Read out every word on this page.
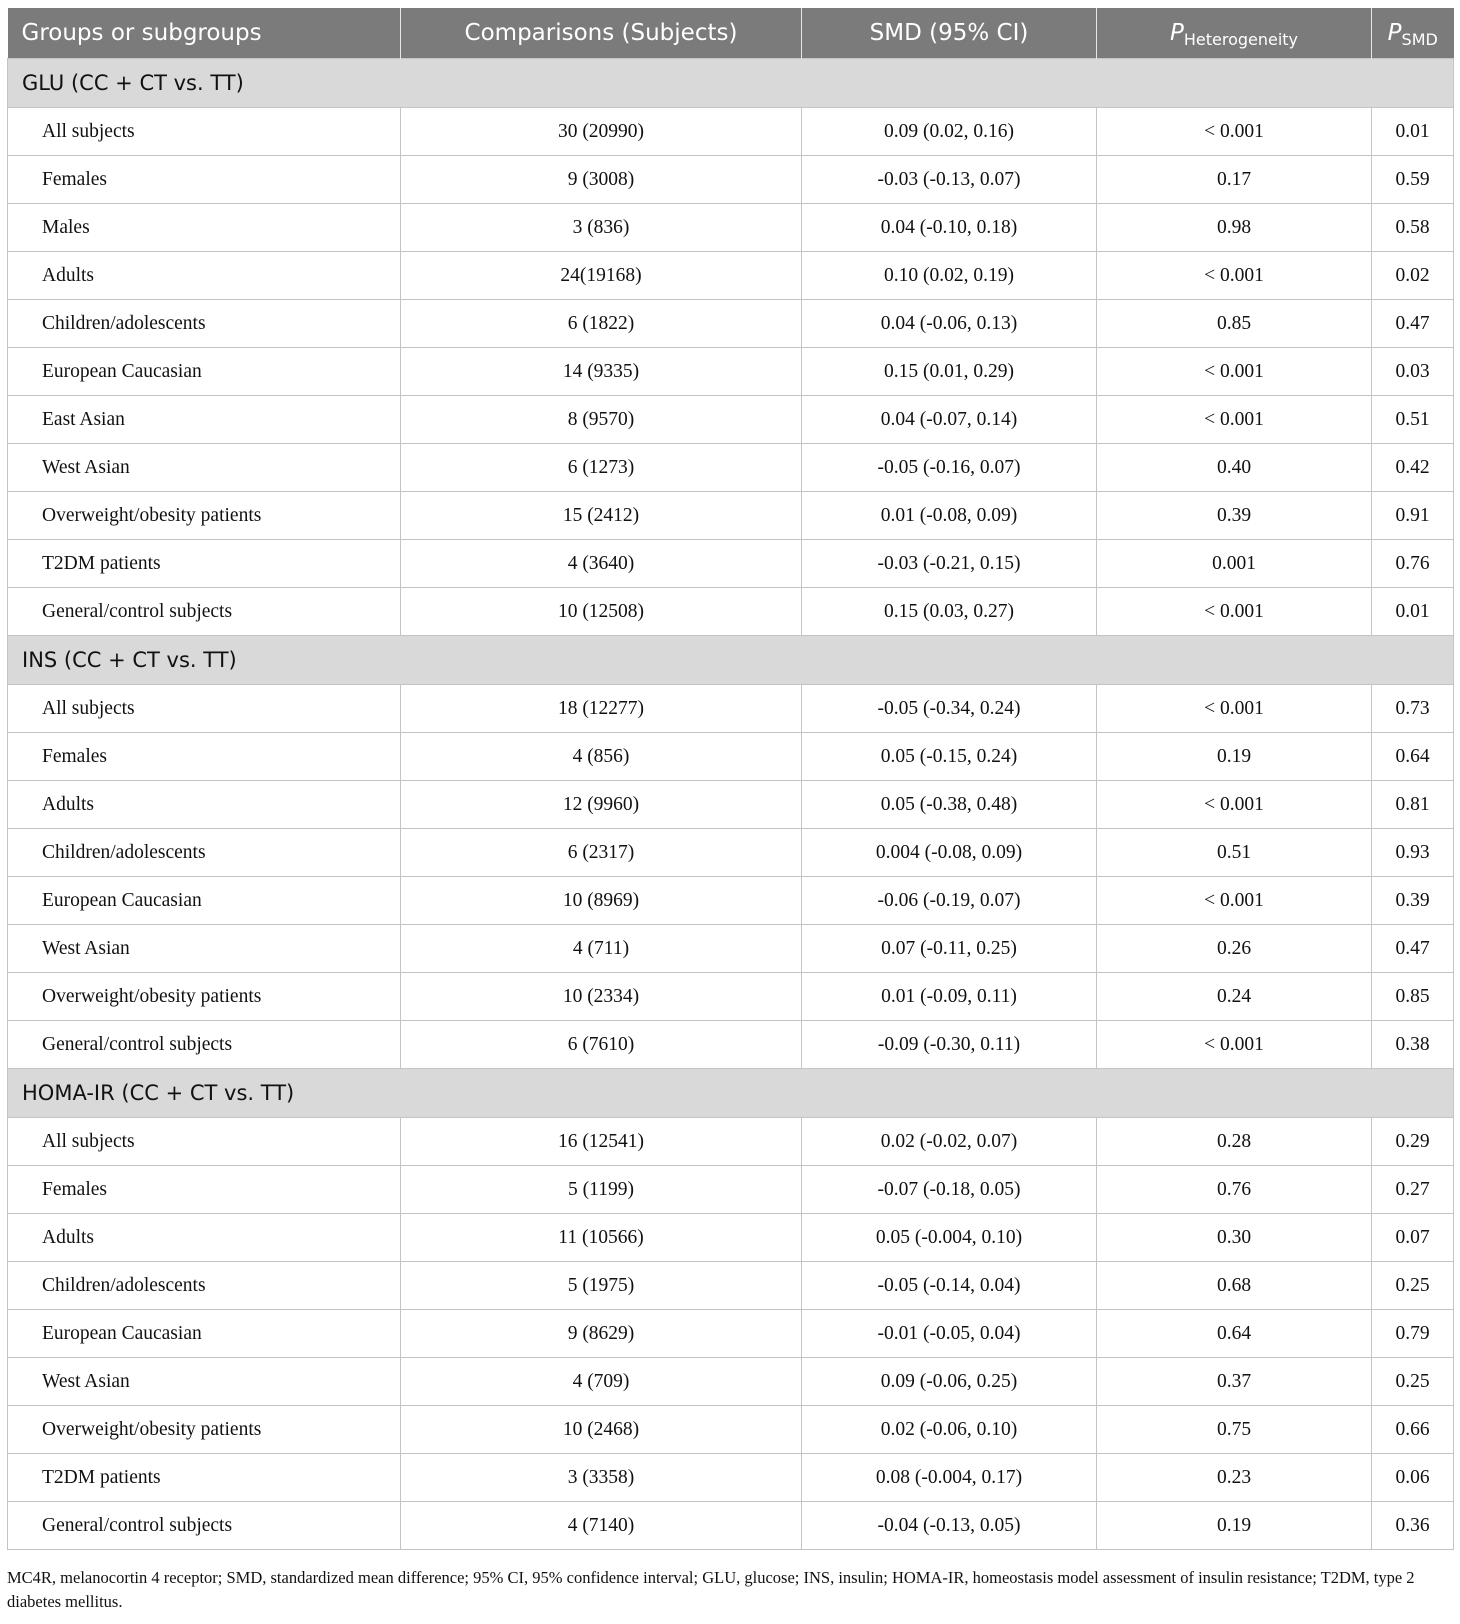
Groups or subgroups	Comparisons (Subjects)	SMD (95% CI)	$P_{Heterogeneity}$	$P_{SMD}$
GLU (CC + CT vs. TT)				
All subjects	30 (20990)	0.09 (0.02, 0.16)	< 0.001	0.01
Females	9 (3008)	-0.03 (-0.13, 0.07)	0.17	0.59
Males	3 (836)	0.04 (-0.10, 0.18)	0.98	0.58
Adults	24(19168)	0.10 (0.02, 0.19)	< 0.001	0.02
Children/adolescents	6 (1822)	0.04 (-0.06, 0.13)	0.85	0.47
European Caucasian	14 (9335)	0.15 (0.01, 0.29)	< 0.001	0.03
East Asian	8 (9570)	0.04 (-0.07, 0.14)	< 0.001	0.51
West Asian	6 (1273)	-0.05 (-0.16, 0.07)	0.40	0.42
Overweight/obesity patients	15 (2412)	0.01 (-0.08, 0.09)	0.39	0.91
T2DM patients	4 (3640)	-0.03 (-0.21, 0.15)	0.001	0.76
General/control subjects	10 (12508)	0.15 (0.03, 0.27)	< 0.001	0.01
INS (CC + CT vs. TT)				
All subjects	18 (12277)	-0.05 (-0.34, 0.24)	< 0.001	0.73
Females	4 (856)	0.05 (-0.15, 0.24)	0.19	0.64
Adults	12 (9960)	0.05 (-0.38, 0.48)	< 0.001	0.81
Children/adolescents	6 (2317)	0.004 (-0.08, 0.09)	0.51	0.93
European Caucasian	10 (8969)	-0.06 (-0.19, 0.07)	< 0.001	0.39
West Asian	4 (711)	0.07 (-0.11, 0.25)	0.26	0.47
Overweight/obesity patients	10 (2334)	0.01 (-0.09, 0.11)	0.24	0.85
General/control subjects	6 (7610)	-0.09 (-0.30, 0.11)	< 0.001	0.38
HOMA-IR (CC + CT vs. TT)				
All subjects	16 (12541)	0.02 (-0.02, 0.07)	0.28	0.29
Females	5 (1199)	-0.07 (-0.18, 0.05)	0.76	0.27
Adults	11 (10566)	0.05 (-0.004, 0.10)	0.30	0.07
Children/adolescents	5 (1975)	-0.05 (-0.14, 0.04)	0.68	0.25
European Caucasian	9 (8629)	-0.01 (-0.05, 0.04)	0.64	0.79
West Asian	4 (709)	0.09 (-0.06, 0.25)	0.37	0.25
Overweight/obesity patients	10 (2468)	0.02 (-0.06, 0.10)	0.75	0.66
T2DM patients	3 (3358)	0.08 (-0.004, 0.17)	0.23	0.06
General/control subjects	4 (7140)	-0.04 (-0.13, 0.05)	0.19	0.36
MC4R, melanocortin 4 receptor; SMD, standardized mean difference; 95% CI, 95% confidence interval; GLU, glucose; INS, insulin; HOMA-IR, homeostasis model assessment of insulin resistance; T2DM, type 2 diabetes mellitus.
